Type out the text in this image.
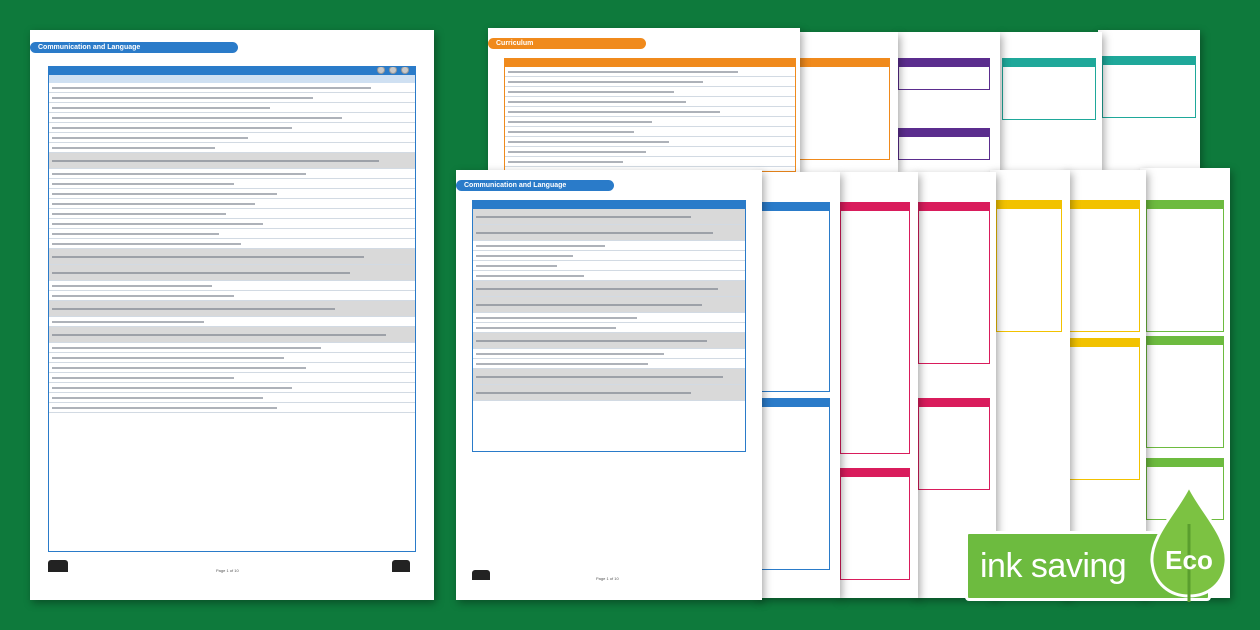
Communication and Language
Page 1 of 10
Curriculum
Communication and Language
Page 1 of 10	ink saving Eco
